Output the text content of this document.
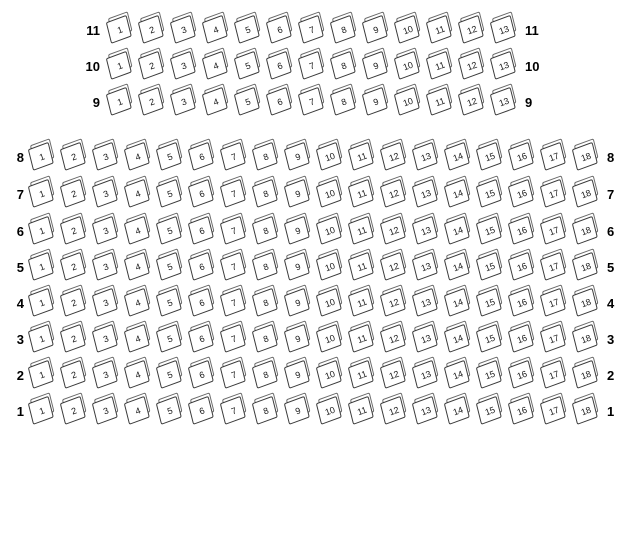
11	1	2	3	4	5	6	7	8	9	10	11	12	13	11
10	1	2	3	4	5	6	7	8	9	10	11	12	13	10
9	1	2	3	4	5	6	7	8	9	10	11	12	13	9
8	1	2	3	4	5	6	7	8	9	10	11	12	13	14	15	16	17	18	8
7	1	2	3	4	5	6	7	8	9	10	11	12	13	14	15	16	17	18	7
6	1	2	3	4	5	6	7	8	9	10	11	12	13	14	15	16	17	18	6
5	1	2	3	4	5	6	7	8	9	10	11	12	13	14	15	16	17	18	5
4	1	2	3	4	5	6	7	8	9	10	11	12	13	14	15	16	17	18	4
3	1	2	3	4	5	6	7	8	9	10	11	12	13	14	15	16	17	18	3
2	1	2	3	4	5	6	7	8	9	10	11	12	13	14	15	16	17	18	2
1	1	2	3	4	5	6	7	8	9	10	11	12	13	14	15	16	17	18	1
